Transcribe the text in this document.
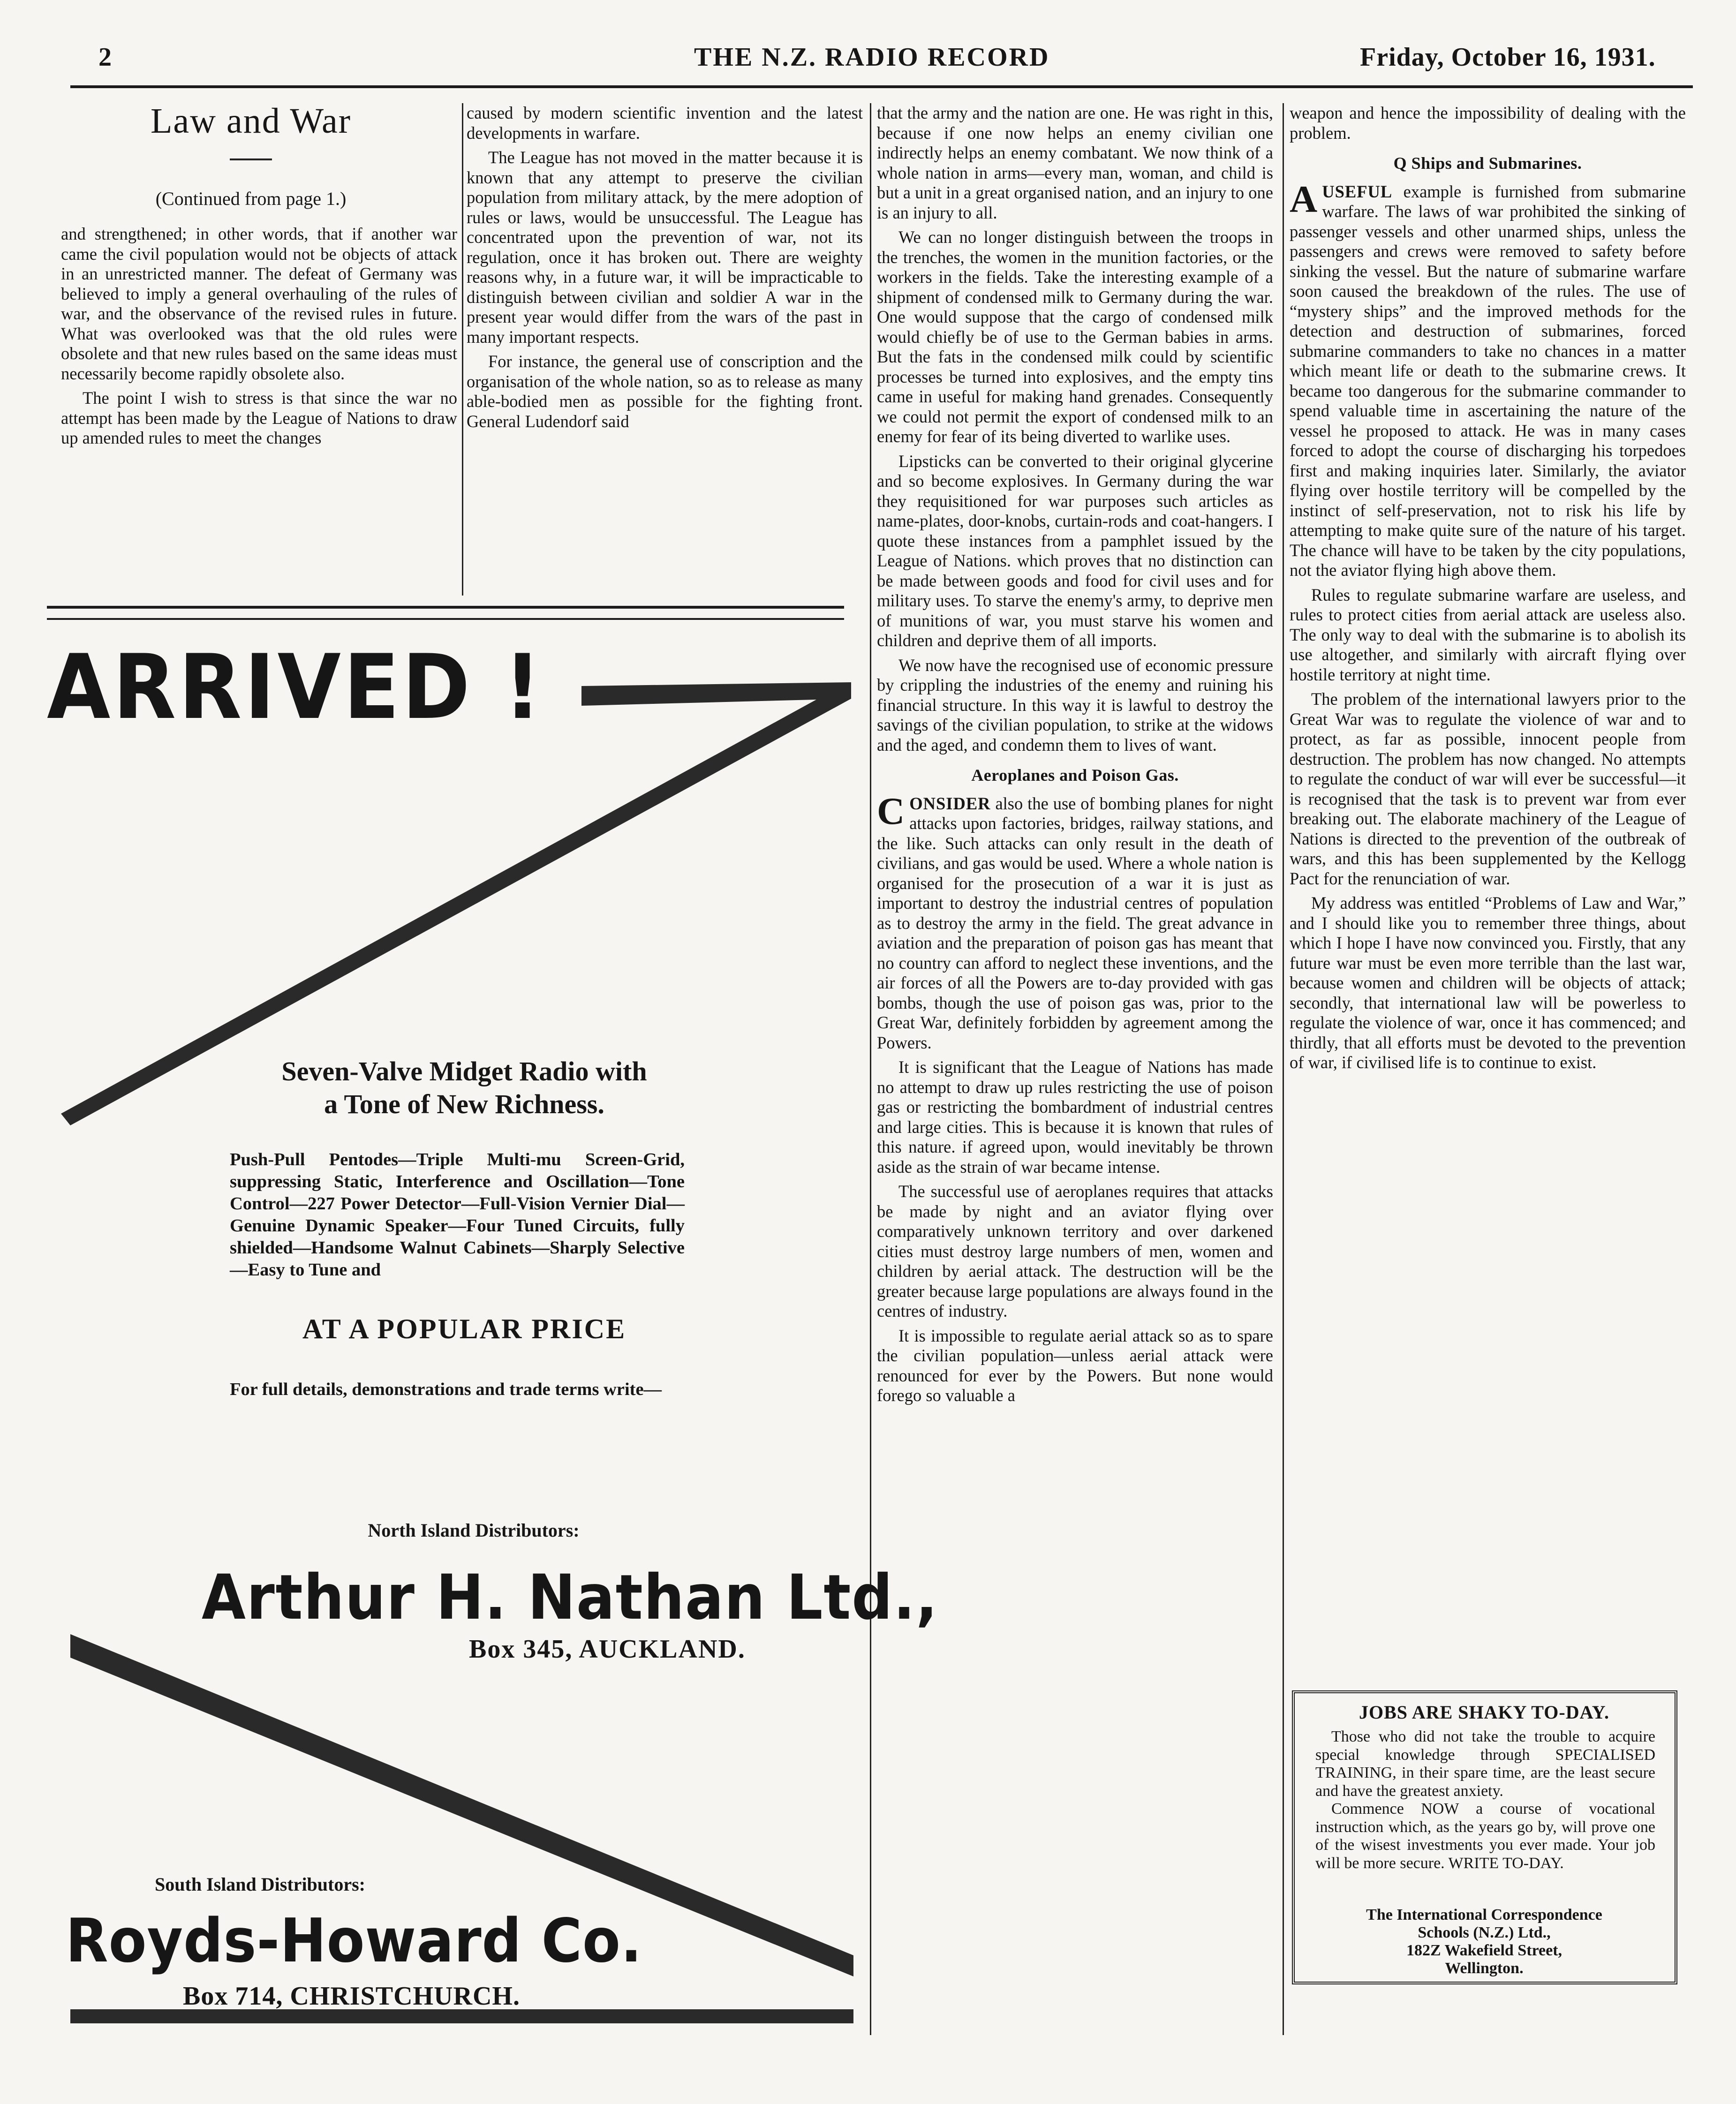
2	THE N.Z. RADIO RECORD	Friday, October 16, 1931.
Law and War
(Continued from page 1.)

and strengthened; in other words, that if another war came the civil population would not be objects of attack in an unrestricted manner. The defeat of Germany was believed to imply a general overhauling of the rules of war, and the observance of the revised rules in future. What was overlooked was that the old rules were obsolete and that new rules based on the same ideas must necessarily become rapidly obsolete also.

The point I wish to stress is that since the war no attempt has been made by the League of Nations to draw up amended rules to meet the changes

caused by modern scientific invention and the latest developments in warfare.

The League has not moved in the matter because it is known that any attempt to preserve the civilian population from military attack, by the mere adoption of rules or laws, would be unsuccessful. The League has concentrated upon the prevention of war, not its regulation, once it has broken out. There are weighty reasons why, in a future war, it will be impracticable to distinguish between civilian and soldier A war in the present year would differ from the wars of the past in many important respects.

For instance, the general use of conscription and the organisation of the whole nation, so as to release as many able-bodied men as possible for the fighting front. General Ludendorf said

that the army and the nation are one. He was right in this, because if one now helps an enemy civilian one indirectly helps an enemy combatant. We now think of a whole nation in arms—every man, woman, and child is but a unit in a great organised nation, and an injury to one is an injury to all.

We can no longer distinguish between the troops in the trenches, the women in the munition factories, or the workers in the fields. Take the interesting example of a shipment of condensed milk to Germany during the war. One would suppose that the cargo of condensed milk would chiefly be of use to the German babies in arms. But the fats in the condensed milk could by scientific processes be turned into explosives, and the empty tins came in useful for making hand grenades. Consequently we could not permit the export of condensed milk to an enemy for fear of its being diverted to warlike uses.

Lipsticks can be converted to their original glycerine and so become explosives. In Germany during the war they requisitioned for war purposes such articles as name-plates, door-knobs, curtain-rods and coat-hangers. I quote these instances from a pamphlet issued by the League of Nations. which proves that no distinction can be made between goods and food for civil uses and for military uses. To starve the enemy's army, to deprive men of munitions of war, you must starve his women and children and deprive them of all imports.

We now have the recognised use of economic pressure by crippling the industries of the enemy and ruining his financial structure. In this way it is lawful to destroy the savings of the civilian population, to strike at the widows and the aged, and condemn them to lives of want.

Aeroplanes and Poison Gas.

CONSIDER also the use of bombing planes for night attacks upon factories, bridges, railway stations, and the like. Such attacks can only result in the death of civilians, and gas would be used. Where a whole nation is organised for the prosecution of a war it is just as important to destroy the industrial centres of population as to destroy the army in the field. The great advance in aviation and the preparation of poison gas has meant that no country can afford to neglect these inventions, and the air forces of all the Powers are to-day provided with gas bombs, though the use of poison gas was, prior to the Great War, definitely forbidden by agreement among the Powers.

It is significant that the League of Nations has made no attempt to draw up rules restricting the use of poison gas or restricting the bombardment of industrial centres and large cities. This is because it is known that rules of this nature. if agreed upon, would inevitably be thrown aside as the strain of war became intense.

The successful use of aeroplanes requires that attacks be made by night and an aviator flying over comparatively unknown territory and over darkened cities must destroy large numbers of men, women and children by aerial attack. The destruction will be the greater because large populations are always found in the centres of industry.

It is impossible to regulate aerial attack so as to spare the civilian population—unless aerial attack were renounced for ever by the Powers. But none would forego so valuable a

weapon and hence the impossibility of dealing with the problem.

Q Ships and Submarines.

AUSEFUL example is furnished from submarine warfare. The laws of war prohibited the sinking of passenger vessels and other unarmed ships, unless the passengers and crews were removed to safety before sinking the vessel. But the nature of submarine warfare soon caused the breakdown of the rules. The use of “mystery ships” and the improved methods for the detection and destruction of submarines, forced submarine commanders to take no chances in a matter which meant life or death to the submarine crews. It became too dangerous for the submarine commander to spend valuable time in ascertaining the nature of the vessel he proposed to attack. He was in many cases forced to adopt the course of discharging his torpedoes first and making inquiries later. Similarly, the aviator flying over hostile territory will be compelled by the instinct of self-preservation, not to risk his life by attempting to make quite sure of the nature of his target. The chance will have to be taken by the city populations, not the aviator flying high above them.

Rules to regulate submarine warfare are useless, and rules to protect cities from aerial attack are useless also. The only way to deal with the submarine is to abolish its use altogether, and similarly with aircraft flying over hostile territory at night time.

The problem of the international lawyers prior to the Great War was to regulate the violence of war and to protect, as far as possible, innocent people from destruction. The problem has now changed. No attempts to regulate the conduct of war will ever be successful—it is recognised that the task is to prevent war from ever breaking out. The elaborate machinery of the League of Nations is directed to the prevention of the outbreak of wars, and this has been supplemented by the Kellogg Pact for the renunciation of war.

My address was entitled “Problems of Law and War,” and I should like you to remember three things, about which I hope I have now convinced you. Firstly, that any future war must be even more terrible than the last war, because women and children will be objects of attack; secondly, that international law will be powerless to regulate the violence of war, once it has commenced; and thirdly, that all efforts must be devoted to the prevention of war, if civilised life is to continue to exist.

ARRIVED !
Seven-Valve Midget Radio with
a Tone of New Richness.
Push-Pull Pentodes—Triple Multi-mu Screen-Grid, suppressing Static, Interference and Oscillation—Tone Control—227 Power Detector—Full-Vision Vernier Dial—Genuine Dynamic Speaker—Four Tuned Circuits, fully shielded—Handsome Walnut Cabinets—Sharply Selective—Easy to Tune and
AT A POPULAR PRICE
For full details, demonstrations and trade terms write—
North Island Distributors:
Arthur H. Nathan Ltd.,
Box 345, AUCKLAND.
South Island Distributors:
Royds-Howard Co.
Box 714, CHRISTCHURCH.
JOBS ARE SHAKY TO-DAY.

Those who did not take the trouble to acquire special knowledge through SPECIALISED TRAINING, in their spare time, are the least secure and have the greatest anxiety.

Commence NOW a course of vocational instruction which, as the years go by, will prove one of the wisest investments you ever made. Your job will be more secure. WRITE TO-DAY.

The International Correspondence
Schools (N.Z.) Ltd.,
182Z Wakefield Street,
Wellington.
